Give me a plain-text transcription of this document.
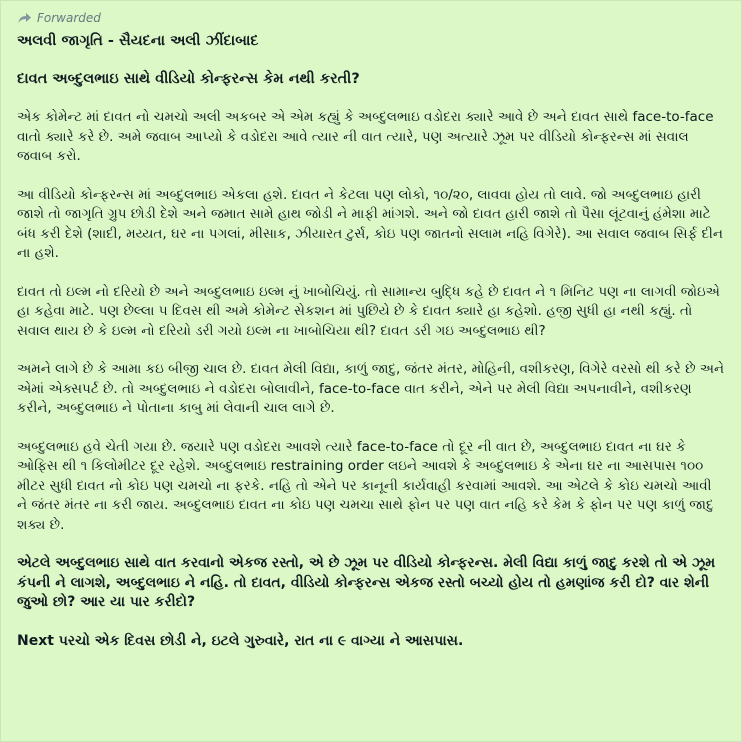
Forwarded
અલવી જાગૃતિ - સૈયદના અલી ઝીંદાબાદ
દાવત અબ્દુલભાઇ સાથે વીડિયો કોન્ફરન્સ કેમ નથી કરતી?
એક કોમેન્ટ માં દાવત નો ચમચો અલી અકબર એ એમ કહ્યું કે અબ્દુલભાઇ વડોદરા ક્યારે આવે છે અને દાવત સાથે face-to-face વાતો ક્યારે કરે છે. અમે જવાબ આપ્યો કે વડોદરા આવે ત્યાર ની વાત ત્યારે, પણ અત્યારે ઝૂમ પર વીડિયો કોન્ફરન્સ માં સવાલ જવાબ કરો.
આ વીડિયો કોન્ફરન્સ માં અબ્દુલભાઇ એકલા હશે. દાવત ને કેટલા પણ લોકો, ૧૦/૨૦, લાવવા હોય તો લાવે. જો અબ્દુલભાઇ હારી જાશે તો જાગૃતિ ગ્રુપ છોડી દેશે અને જમાત સામે હાથ જોડી ને માફી માંગશે. અને જો દાવત હારી જાશે તો પૈસા લૂંટવાનું હંમેશા માટે બંધ કરી દેશે (શાદી, મય્યત, ઘર ના પગલાં, મીસાક, ઝીયારત ટુર્સ, કોઇ પણ જાતનો સલામ નહિ વિગેરે). આ સવાલ જવાબ સિર્ફ દીન ના હશે.
દાવત તો ઇલ્મ નો દરિયો છે અને અબ્દુલભાઇ ઇલ્મ નું ખાબોચિયું. તો સામાન્ય બુદ્ધિ કહે છે દાવત ને ૧ મિનિટ પણ ના લાગવી જોઇએ હા કહેવા માટે. પણ છેલ્લા ૫ દિવસ થી અમે કોમેન્ટ સેકશન માં પુછિયે છે કે દાવત ક્યારે હા કહેશો. હજી સુધી હા નથી કહ્યું. તો સવાલ થાય છે કે ઇલ્મ નો દરિયો ડરી ગયો ઇલ્મ ના ખાબોચિયા થી? દાવત ડરી ગઇ અબ્દુલભાઇ થી?
અમને લાગે છે કે આમા કઇ બીજી ચાલ છે. દાવત મેલી વિદ્યા, કાળું જાદુ, જંતર મંતર, મોહિની, વશીકરણ, વિગેરે વરસો થી કરે છે અને એમાં એક્સપર્ટ છે. તો અબ્દુલભાઇ ને વડોદરા બોલાવીને, face-to-face વાત કરીને, એને પર મેલી વિદ્યા અપનાવીને, વશીકરણ કરીને, અબ્દુલભાઇ ને પોતાના કાબુ માં લેવાની ચાલ લાગે છે.
અબ્દુલભાઇ હવે ચેતી ગયા છે. જયારે પણ વડોદરા આવશે ત્યારે face-to-face તો દૂર ની વાત છે, અબ્દુલભાઇ દાવત ના ઘર કે ઓફિસ થી ૧ કિલોમીટર દૂર રહેશે. અબ્દુલભાઇ restraining order લઇને આવશે કે અબ્દુલભાઇ કે એના ઘર ના આસપાસ ૧૦૦ મીટર સુધી દાવત નો કોઇ પણ ચમચો ના ફરકે. નહિ તો એને પર કાનૂની કાર્યવાહી કરવામાં આવશે. આ એટલે કે કોઇ ચમચો આવી ને જંતર મંતર ના કરી જાય. અબ્દુલભાઇ દાવત ના કોઇ પણ ચમચા સાથે ફોન પર પણ વાત નહિ કરે કેમ કે ફોન પર પણ કાળું જાદુ શક્ય છે.
એટલે અબ્દુલભાઇ સાથે વાત કરવાનો એકજ રસ્તો, એ છે ઝૂમ પર વીડિયો કોન્ફરન્સ. મેલી વિદ્યા કાળું જાદુ કરશે તો એ ઝૂમ કંપની ને લાગશે, અબ્દુલભાઇ ને નહિ. તો દાવત, વીડિયો કોન્ફરન્સ એકજ રસ્તો બચ્યો હોય તો હમણાંજ કરી દો? વાર શેની જુઓ છો? આર યા પાર કરીદો?
Next પરચો એક દિવસ છોડી ને, ઇટલે ગુરુવારે, રાત ના ૯ વાગ્યા ને આસપાસ.
